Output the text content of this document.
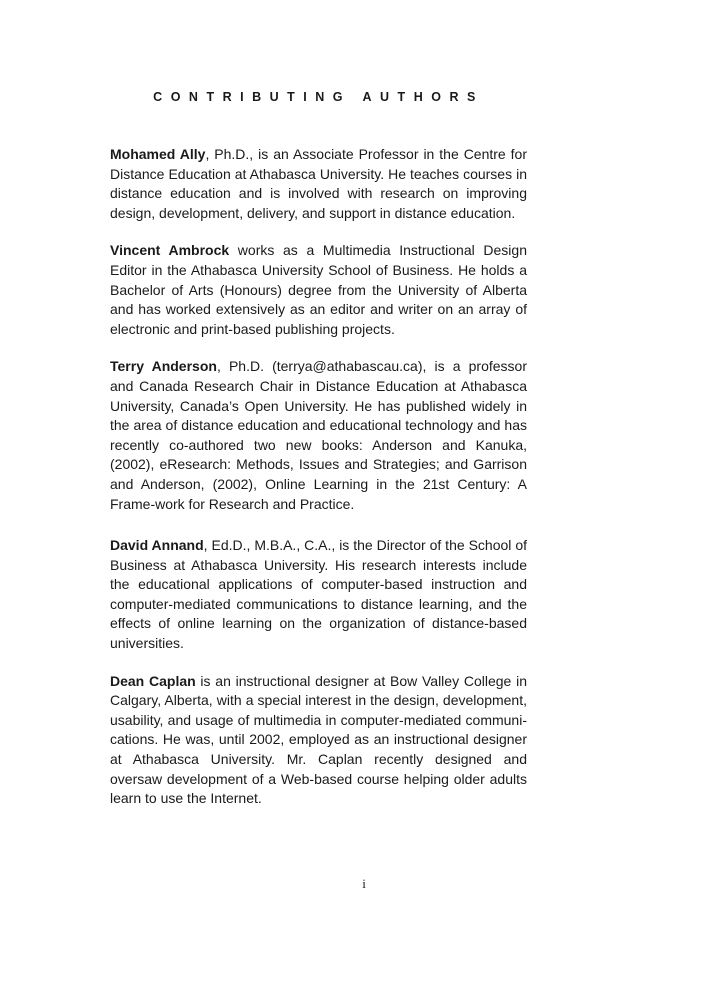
CONTRIBUTING AUTHORS

Mohamed Ally, Ph.D., is an Associate Professor in the Centre for Distance Education at Athabasca University. He teaches courses in distance education and is involved with research on improving design, development, delivery, and support in distance education.

Vincent Ambrock works as a Multimedia Instructional Design Editor in the Athabasca University School of Business. He holds a Bachelor of Arts (Honours) degree from the University of Alberta and has worked extensively as an editor and writer on an array of electronic and print-based publishing projects.

Terry Anderson, Ph.D. (terrya@athabascau.ca), is a professor and Canada Research Chair in Distance Education at Athabasca University, Canada’s Open University. He has published widely in the area of distance education and educational technology and has recently co-authored two new books: Anderson and Kanuka, (2002), eResearch: Methods, Issues and Strategies; and Garrison and Anderson, (2002), Online Learning in the 21st Century: A Frame-work for Research and Practice.

David Annand, Ed.D., M.B.A., C.A., is the Director of the School of Business at Athabasca University. His research interests include the educational applications of computer-based instruction and computer-mediated communications to distance learning, and the effects of online learning on the organization of distance-based universities.

Dean Caplan is an instructional designer at Bow Valley College in Calgary, Alberta, with a special interest in the design, development, usability, and usage of multimedia in computer-mediated communi-cations. He was, until 2002, employed as an instructional designer at Athabasca University. Mr. Caplan recently designed and oversaw development of a Web-based course helping older adults learn to use the Internet.

i
